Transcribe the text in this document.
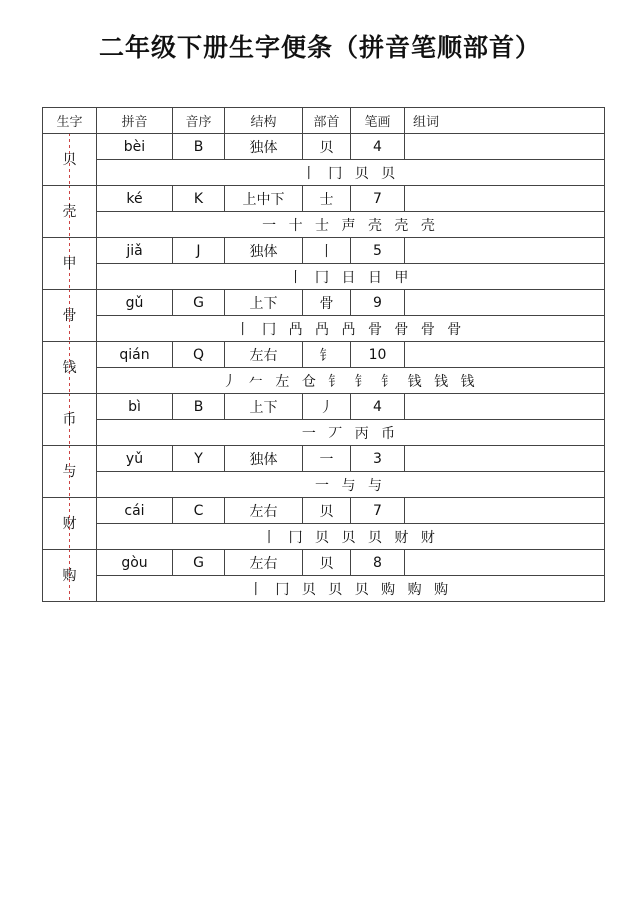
二年级下册生字便条（拼音笔顺部首）
生字	拼音	音序	结构	部首	笔画	组词
贝	bèi	B	独体	贝	4	
	丨 冂 贝 贝					
壳	ké	K	上中下	士	7	
	一 十 士 声 壳 壳 壳					
甲	jiǎ	J	独体	丨	5	
	丨 冂 日 日 甲					
骨	gǔ	G	上下	骨	9	
	丨 冂 冎 冎 冎 骨 骨 骨 骨					
钱	qián	Q	左右	钅	10	
	丿 𠂉 左 仓 钅 钅 钅 钱 钱 钱					
币	bì	B	上下	丿	4	
	一 丆 丙 币					
与	yǔ	Y	独体	一	3	
	一 与 与					
财	cái	C	左右	贝	7	
	丨 冂 贝 贝 贝 财 财					
购	gòu	G	左右	贝	8	
	丨 冂 贝 贝 贝 购 购 购					
